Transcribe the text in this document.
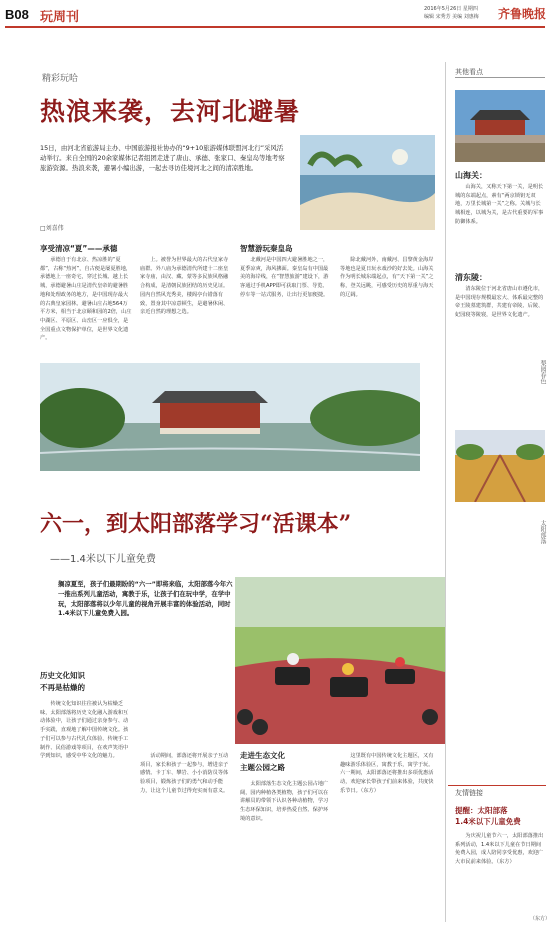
B08 玩周刊
2016年5月26日 星期四
编辑 宋秀芳 美编 刘惠梅 齐鲁晚报
精彩玩哈
热浪来袭，去河北避暑
15日，由河北省旅游局主办、中国旅游报社协办的“9+10旅游媒体联盟河北行”采风活动举行。来自全国的20余家媒体记者组团走进了唐山、承德、张家口、秦皇岛等地考察旅游资源。热浪来袭，避暑小编出游，一起去寻访佳境河北之间的清凉胜地。
□刘喜伟
享受清凉“夏”——承德
承德自于有北京、热凉胜的“夏都”，古称“热河”，自古便是屡夏胜地，承德地上一座奇宅，穿过长城、越上长城，承德避暑山庄是清代皇帝的避暑胜地和处理政务的地方，是中国现存最大的古典皇家园林。避暑山庄占地564万平方米，相当于北京颐和园的2倍，山庄中湖区、平原区、山峦区一应俱全，是全国重点文物保护单位，是世界文化遗产。
上。被誉为世界最大的古代皇家寺庙群。外八庙为承德清代所建十二座皇家寺庙，由汉、藏、蒙等多民族风格融合构成，是清朝民族团结的历史见证。园内自然风光秀美，楼阁亭台错落有致，置身其中凉意顿生，是避暑休闲、亲近自然的理想之选。
智慧游玩秦皇岛
北戴河是中国四大避暑胜地之一，夏季凉爽，海风拂面。秦皇岛有中国最美的海岸线，在“智慧旅游”建设下，游客通过手机APP即可获取门票、导览、停车等一站式服务，让出行更加便捷。
除北戴河外，南戴河、昌黎黄金海岸等地也是夏日玩水戏沙的好去处。山海关作为明长城东端起点，有“天下第一关”之称，登关远眺，可感受历史的厚重与海天的辽阔。
六一，到太阳部落学习“活课本”
——1.4米以下儿童免费
搁凉夏至，孩子们最期盼的“六一”即将来临，太阳部落今年六一推出系列儿童活动，寓教于乐，让孩子们在玩中学，在学中玩，太阳部落将以少年儿童的视角开展丰富的体验活动，同时1.4米以下儿童免费入园。
历史文化知识
不再是枯燥的
传统文化知识往往被认为枯燥乏味，太阳部落将历史文化融入游戏和互动体验中，让孩子们通过亲身参与、动手实践，直观地了解中国传统文化。孩子们可以参与古代礼仪体验、传统手工制作、民俗游戏等项目，在欢声笑语中学到知识，感受中华文化的魅力。	活动期间，部落还将开展亲子互动项目，家长和孩子一起参与，增进亲子感情。卡丁车、攀岩、小小消防员等体验项目，锻炼孩子们的勇气和动手能力，让这个儿童节过得充实而有意义。
走进生态文化
主题公园之路
太阳部落生态文化主题公园占地广阔，园内种植各类植物，孩子们可以在讲解员的带领下认识各种动植物，学习生态环保知识，培养热爱自然、保护环境的意识。
这里既有中国传统文化主题区，又有趣味游乐体验区，寓教于乐，寓学于玩。六一期间，太阳部落还将推出多项优惠活动，欢迎家长带孩子们前来体验，共度快乐节日。（东方）
其他看点
山海关：
山海关，又称天下第一关，是明长城的东端起点，素有“两京锁钥无双地，万里长城第一关”之称。关城与长城相连，以城为关，是古代重要的军事防御体系。
清东陵：
清东陵位于河北省唐山市遵化市，是中国现存规模最宏大、体系最完整的帝王陵墓建筑群，共建有帝陵、后陵、妃园寝等陵寝，是世界文化遗产。
梨园春色
太阳部落
友情链接
提醒：太阳部落
1.4米以下儿童免费
为庆祝儿童节六一，太阳部落推出系列活动，1.4米以下儿童在节日期间免费入园，成人陪同享受优惠，欢迎广大市民前来体验。（东方）
（东方）
